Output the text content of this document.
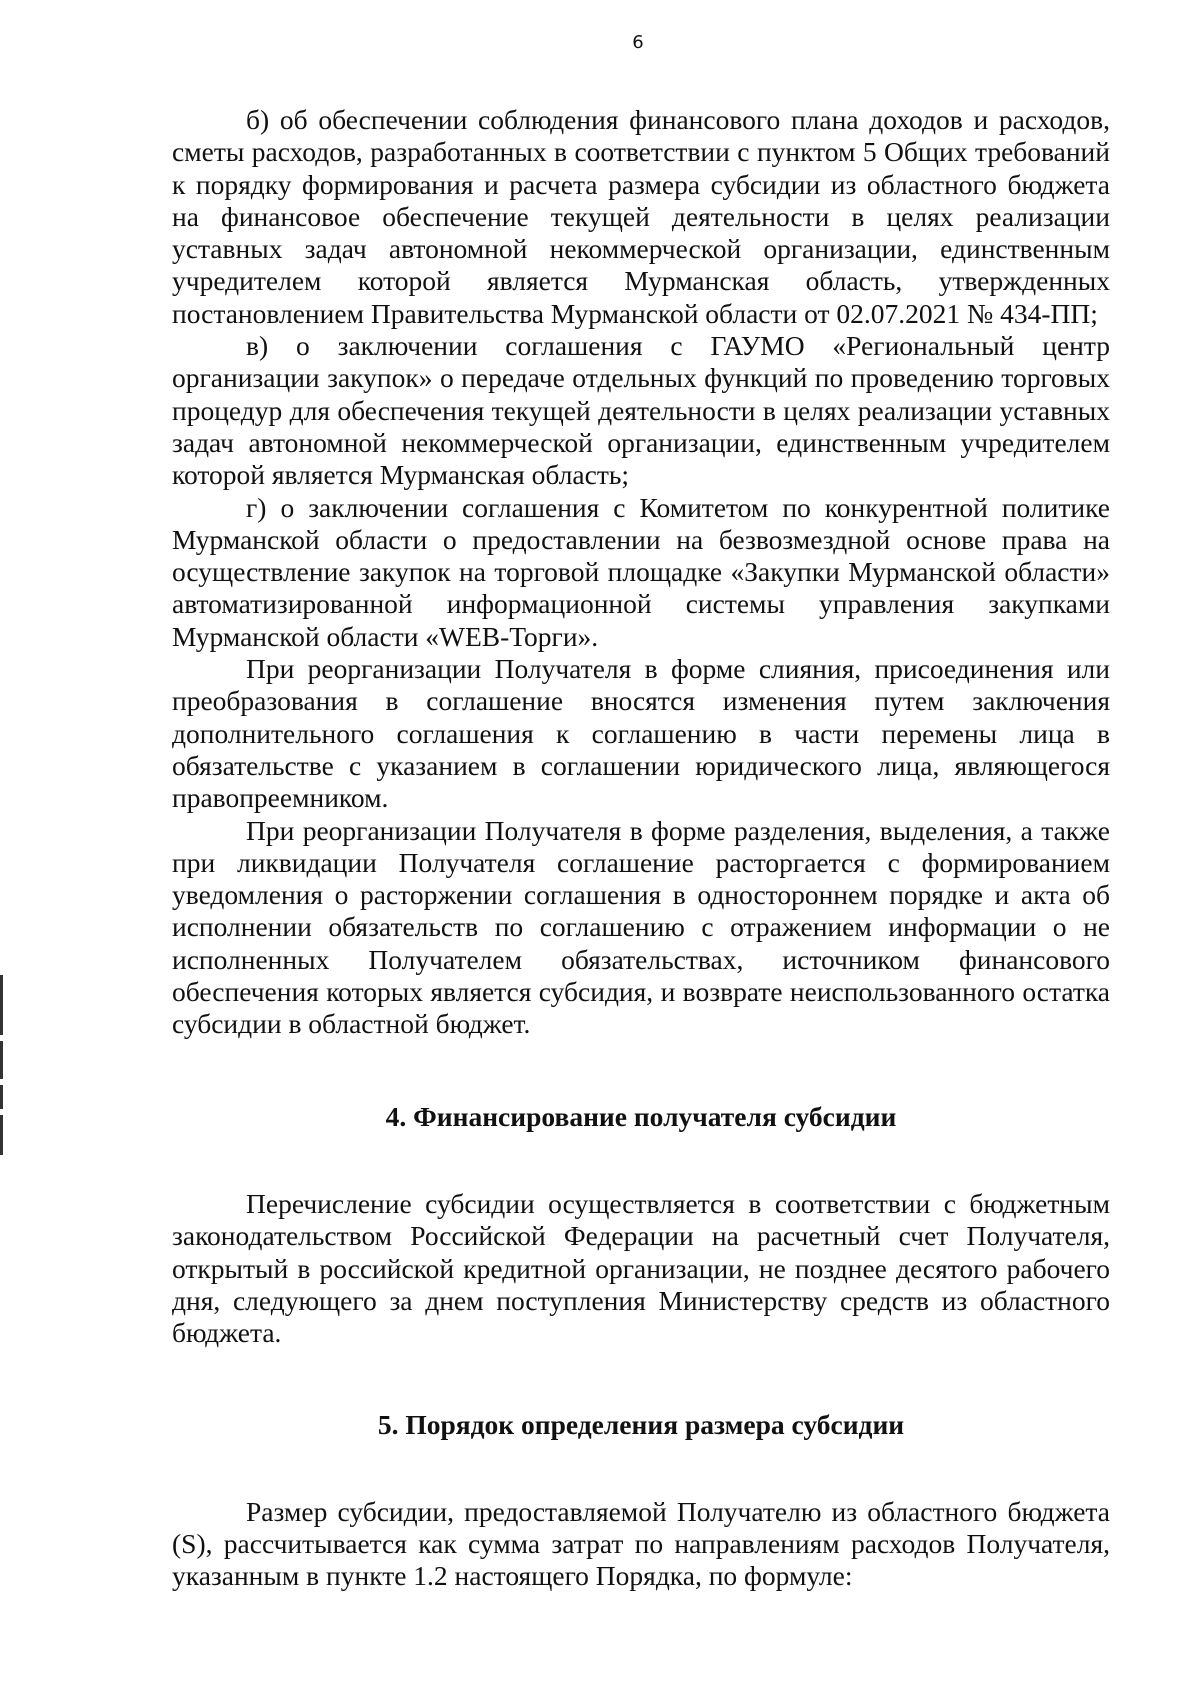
6

б) об обеспечении соблюдения финансового плана доходов и расходов, сметы расходов, разработанных в соответствии с пунктом 5 Общих требований к порядку формирования и расчета размера субсидии из областного бюджета на финансовое обеспечение текущей деятельности в целях реализации уставных задач автономной некоммерческой организации, единственным учредителем которой является Мурманская область, утвержденных постановлением Правительства Мурманской области от 02.07.2021 № 434-ПП;

в) о заключении соглашения с ГАУМО «Региональный центр организации закупок» о передаче отдельных функций по проведению торговых процедур для обеспечения текущей деятельности в целях реализации уставных задач автономной некоммерческой организации, единственным учредителем которой является Мурманская область;

г) о заключении соглашения с Комитетом по конкурентной политике Мурманской области о предоставлении на безвозмездной основе права на осуществление закупок на торговой площадке «Закупки Мурманской области» автоматизированной информационной системы управления закупками Мурманской области «WEB-Торги».

При реорганизации Получателя в форме слияния, присоединения или преобразования в соглашение вносятся изменения путем заключения дополнительного соглашения к соглашению в части перемены лица в обязательстве с указанием в соглашении юридического лица, являющегося правопреемником.

При реорганизации Получателя в форме разделения, выделения, а также при ликвидации Получателя соглашение расторгается с формированием уведомления о расторжении соглашения в одностороннем порядке и акта об исполнении обязательств по соглашению с отражением информации о не исполненных Получателем обязательствах, источником финансового обеспечения которых является субсидия, и возврате неиспользованного остатка субсидии в областной бюджет.

4. Финансирование получателя субсидии

Перечисление субсидии осуществляется в соответствии с бюджетным законодательством Российской Федерации на расчетный счет Получателя, открытый в российской кредитной организации, не позднее десятого рабочего дня, следующего за днем поступления Министерству средств из областного бюджета.

5. Порядок определения размера субсидии

Размер субсидии, предоставляемой Получателю из областного бюджета (S), рассчитывается как сумма затрат по направлениям расходов Получателя, указанным в пункте 1.2 настоящего Порядка, по формуле:
